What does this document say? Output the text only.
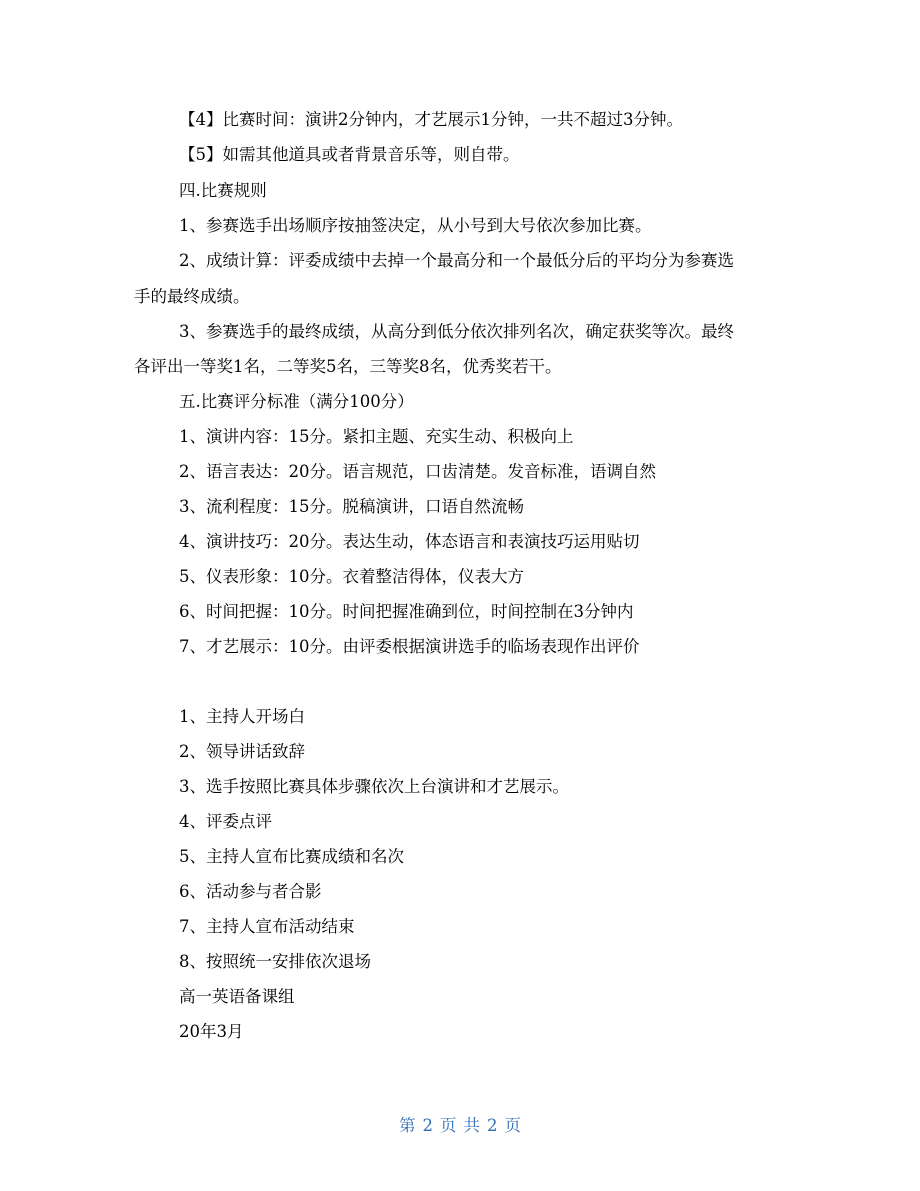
【4】比赛时间：演讲2分钟内，才艺展示1分钟，一共不超过3分钟。
【5】如需其他道具或者背景音乐等，则自带。
四.比赛规则
1、参赛选手出场顺序按抽签决定，从小号到大号依次参加比赛。
2、成绩计算：评委成绩中去掉一个最高分和一个最低分后的平均分为参赛选
手的最终成绩。
3、参赛选手的最终成绩，从高分到低分依次排列名次，确定获奖等次。最终
各评出一等奖1名，二等奖5名，三等奖8名，优秀奖若干。
五.比赛评分标准（满分100分）
1、演讲内容：15分。紧扣主题、充实生动、积极向上
2、语言表达：20分。语言规范，口齿清楚。发音标准，语调自然
3、流利程度：15分。脱稿演讲，口语自然流畅
4、演讲技巧：20分。表达生动，体态语言和表演技巧运用贴切
5、仪表形象：10分。衣着整洁得体，仪表大方
6、时间把握：10分。时间把握准确到位，时间控制在3分钟内
7、才艺展示：10分。由评委根据演讲选手的临场表现作出评价
1、主持人开场白
2、领导讲话致辞
3、选手按照比赛具体步骤依次上台演讲和才艺展示。
4、评委点评
5、主持人宣布比赛成绩和名次
6、活动参与者合影
7、主持人宣布活动结束
8、按照统一安排依次退场
高一英语备课组
20年3月
第 2 页 共 2 页
